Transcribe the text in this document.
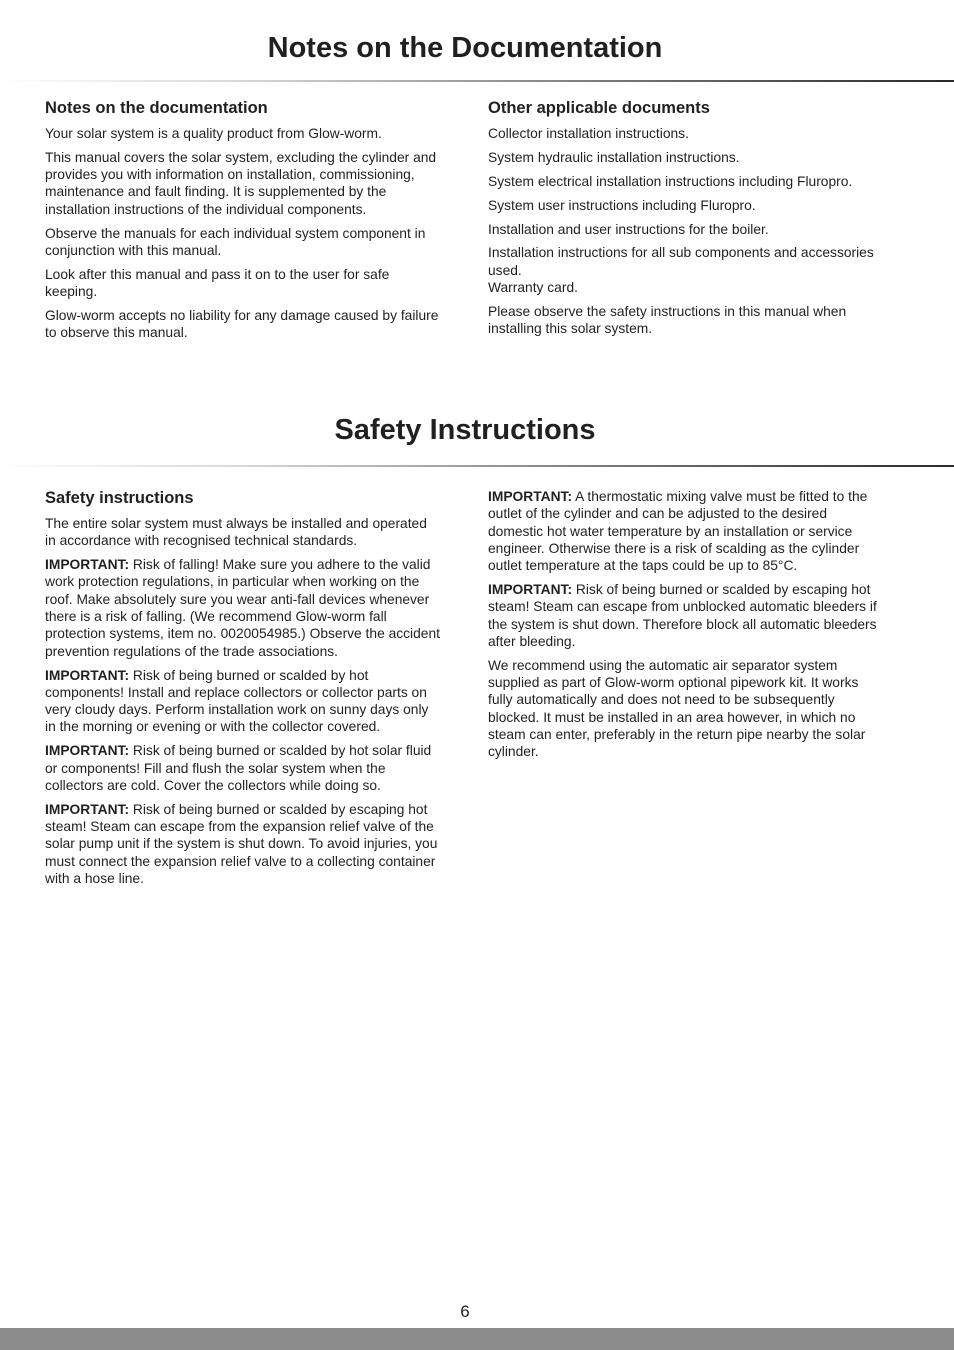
Notes on the Documentation
Notes on the documentation

Your solar system is a quality product from Glow-worm.

This manual covers the solar system, excluding the cylinder and provides you with information on installation, commissioning, maintenance and fault finding. It is supplemented by the installation instructions of the individual components.

Observe the manuals for each individual system component in conjunction with this manual.

Look after this manual and pass it on to the user for safe keeping.

Glow-worm accepts no liability for any damage caused by failure to observe this manual.

Other applicable documents

Collector installation instructions.

System hydraulic installation instructions.

System electrical installation instructions including Fluropro.

System user instructions including Fluropro.

Installation and user instructions for the boiler.

Installation instructions for all sub components and accessories used.

Warranty card.

Please observe the safety instructions in this manual when installing this solar system.

Safety Instructions
Safety instructions

The entire solar system must always be installed and operated in accordance with recognised technical standards.

IMPORTANT: Risk of falling! Make sure you adhere to the valid work protection regulations, in particular when working on the roof. Make absolutely sure you wear anti-fall devices whenever there is a risk of falling. (We recommend Glow-worm fall protection systems, item no. 0020054985.) Observe the accident prevention regulations of the trade associations.

IMPORTANT: Risk of being burned or scalded by hot components! Install and replace collectors or collector parts on very cloudy days. Perform installation work on sunny days only in the morning or evening or with the collector covered.

IMPORTANT: Risk of being burned or scalded by hot solar fluid or components! Fill and flush the solar system when the collectors are cold. Cover the collectors while doing so.

IMPORTANT: Risk of being burned or scalded by escaping hot steam! Steam can escape from the expansion relief valve of the solar pump unit if the system is shut down. To avoid injuries, you must connect the expansion relief valve to a collecting container with a hose line.

IMPORTANT: A thermostatic mixing valve must be fitted to the outlet of the cylinder and can be adjusted to the desired domestic hot water temperature by an installation or service engineer. Otherwise there is a risk of scalding as the cylinder outlet temperature at the taps could be up to 85°C.

IMPORTANT: Risk of being burned or scalded by escaping hot steam! Steam can escape from unblocked automatic bleeders if the system is shut down. Therefore block all automatic bleeders after bleeding.

We recommend using the automatic air separator system supplied as part of Glow-worm optional pipework kit. It works fully automatically and does not need to be subsequently blocked. It must be installed in an area however, in which no steam can enter, preferably in the return pipe nearby the solar cylinder.

6
